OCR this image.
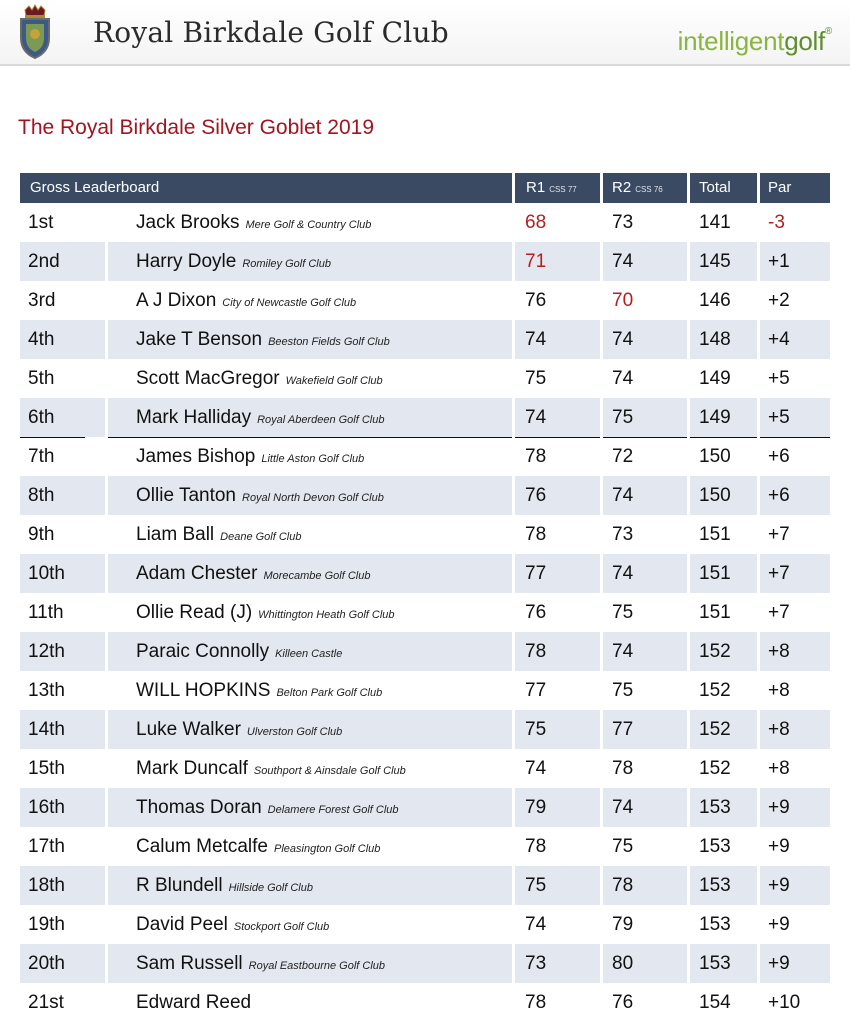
Royal Birkdale Golf Club	intelligentgolf®
The Royal Birkdale Silver Goblet 2019
Gross Leaderboard	R1 CSS 77 R2 CSS 76 Total Par
1st	Jack Brooks Mere Golf & Country Club	68	73	141 -3
2nd	Harry Doyle Romiley Golf Club	71	74	145 +1
3rd	A J Dixon City of Newcastle Golf Club	76	70	146 +2
4th	Jake T Benson Beeston Fields Golf Club	74	74	148 +4
5th	Scott MacGregor Wakefield Golf Club	75	74	149 +5
6th	Mark Halliday Royal Aberdeen Golf Club	74	75	149 +5
7th	James Bishop Little Aston Golf Club	78	72	150 +6
8th	Ollie Tanton Royal North Devon Golf Club	76	74	150 +6
9th	Liam Ball Deane Golf Club	78	73	151 +7
10th	Adam Chester Morecambe Golf Club	77	74	151 +7
11th	Ollie Read (J) Whittington Heath Golf Club	76	75	151 +7
12th	Paraic Connolly Killeen Castle	78	74	152 +8
13th	WILL HOPKINS Belton Park Golf Club	77	75	152 +8
14th	Luke Walker Ulverston Golf Club	75	77	152 +8
15th	Mark Duncalf Southport & Ainsdale Golf Club	74	78	152 +8
16th	Thomas Doran Delamere Forest Golf Club	79	74	153 +9
17th	Calum Metcalfe Pleasington Golf Club	78	75	153 +9
18th	R Blundell Hillside Golf Club	75	78	153 +9
19th	David Peel Stockport Golf Club	74	79	153 +9
20th	Sam Russell Royal Eastbourne Golf Club	73	80	153 +9
21st	Edward Reed	78	76	154 +10
